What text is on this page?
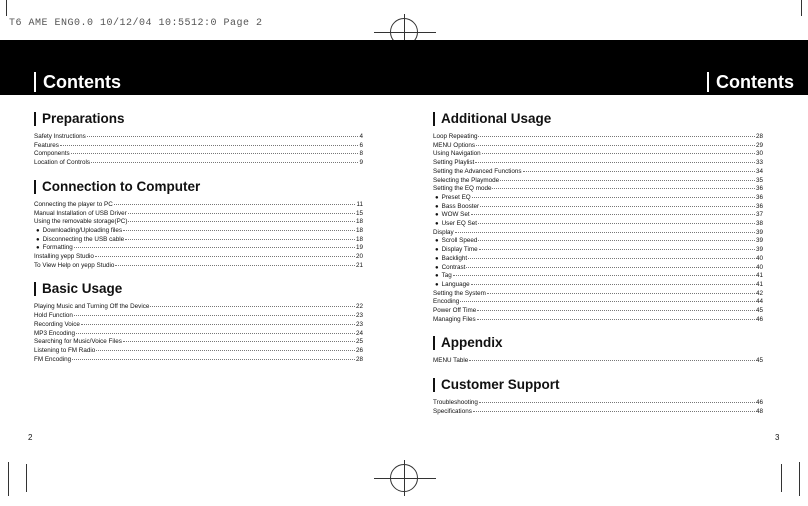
T6 AME ENG0.0 10/12/04 10:5512:0 Page 2
Contents	Contents
Preparations
Safety Instructions	4
Features	6
Components	8
Location of Controls	9
Connection to Computer
Connecting the player to PC	11
Manual Installation of USB Driver	15
Using the removable storage(PC)	18
● Downloading/Uploading files	18
● Disconnecting the USB cable	18
● Formatting	19
Installing yepp Studio	20
To View Help on yepp Studio	21
Basic Usage
Playing Music and Turning Off the Device	22
Hold Function	23
Recording Voice	23
MP3 Encoding	24
Searching for Music/Voice Files	25
Listening to FM Radio	26
FM Encoding	28
Additional Usage
Loop Repeating	28
MENU Options	29
Using Navigation	30
Setting Playlist	33
Setting the Advanced Functions	34
Selecting the Playmode	35
Setting the EQ mode	36
● Preset EQ	36
● Bass Booster	36
● WOW Set	37
● User EQ Set	38
Display	39
● Scroll Speed	39
● Display Time	39
● Backlight	40
● Contrast	40
● Tag	41
● Language	41
Setting the System	42
Encoding	44
Power Off Time	45
Managing Files	46
Appendix
MENU Table	45
Customer Support
Troubleshooting	46
Specifications	48
2	3
